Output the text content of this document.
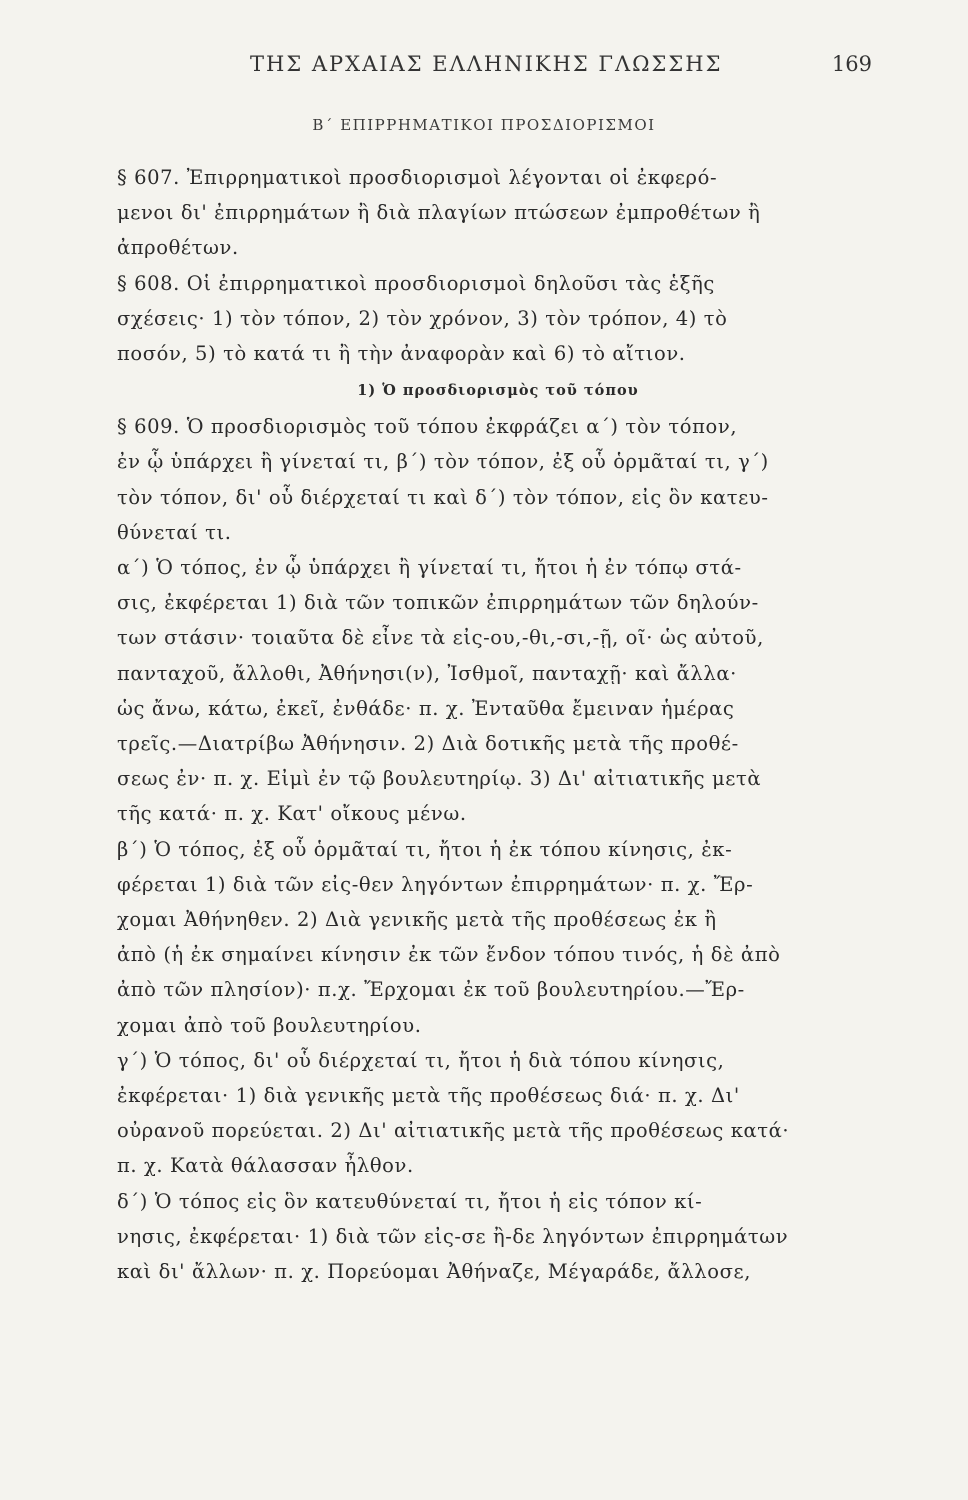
ΤΗΣ ΑΡΧΑΙΑΣ ΕΛΛΗΝΙΚΗΣ ΓΛΩΣΣΗΣ	169
Β΄ ΕΠΙΡΡΗΜΑΤΙΚΟΙ ΠΡΟΣΔΙΟΡΙΣΜΟΙ

§ 607. Ἐπιρρηματικοὶ προσδιορισμοὶ λέγονται οἱ ἐκφερό-
μενοι δι' ἐπιρρημάτων ἢ διὰ πλαγίων πτώσεων ἐμπροθέτων ἢ
ἀπροθέτων.

§ 608. Οἱ ἐπιρρηματικοὶ προσδιορισμοὶ δηλοῦσι τὰς ἑξῆς
σχέσεις· 1) τὸν τόπον, 2) τὸν χρόνον, 3) τὸν τρόπον, 4) τὸ
ποσόν, 5) τὸ κατά τι ἢ τὴν ἀναφορὰν καὶ 6) τὸ αἴτιον.

1) Ὁ προσδιορισμὸς τοῦ τόπου

§ 609. Ὁ προσδιορισμὸς τοῦ τόπου ἐκφράζει α΄) τὸν τόπον,
ἐν ᾧ ὑπάρχει ἢ γίνεταί τι, β΄) τὸν τόπον, ἐξ οὗ ὁρμᾶταί τι, γ΄)
τὸν τόπον, δι' οὗ διέρχεταί τι καὶ δ΄) τὸν τόπον, εἰς ὃν κατευ-
θύνεταί τι.

α΄) Ὁ τόπος, ἐν ᾧ ὑπάρχει ἢ γίνεταί τι, ἤτοι ἡ ἐν τόπῳ στά-
σις, ἐκφέρεται 1) διὰ τῶν τοπικῶν ἐπιρρημάτων τῶν δηλούν-
των στάσιν· τοιαῦτα δὲ εἶνε τὰ εἰς-ου,-θι,-σι,-ῇ, οῖ· ὡς αὐτοῦ,
πανταχοῦ, ἄλλοθι, Ἀθήνησι(ν), Ἰσθμοῖ, πανταχῇ· καὶ ἄλλα·
ὡς ἄνω, κάτω, ἐκεῖ, ἐνθάδε· π. χ. Ἐνταῦθα ἔμειναν ἡμέρας
τρεῖς.—Διατρίβω Ἀθήνησιν. 2) Διὰ δοτικῆς μετὰ τῆς προθέ-
σεως ἐν· π. χ. Εἰμὶ ἐν τῷ βουλευτηρίῳ. 3) Δι' αἰτιατικῆς μετὰ
τῆς κατά· π. χ. Κατ' οἴκους μένω.

β΄) Ὁ τόπος, ἐξ οὗ ὁρμᾶταί τι, ἤτοι ἡ ἐκ τόπου κίνησις, ἐκ-
φέρεται 1) διὰ τῶν εἰς-θεν ληγόντων ἐπιρρημάτων· π. χ. Ἔρ-
χομαι Ἀθήνηθεν. 2) Διὰ γενικῆς μετὰ τῆς προθέσεως ἐκ ἢ
ἀπὸ (ἡ ἐκ σημαίνει κίνησιν ἐκ τῶν ἔνδον τόπου τινός, ἡ δὲ ἀπὸ
ἀπὸ τῶν πλησίον)· π.χ. Ἔρχομαι ἐκ τοῦ βουλευτηρίου.—Ἔρ-
χομαι ἀπὸ τοῦ βουλευτηρίου.

γ΄) Ὁ τόπος, δι' οὗ διέρχεταί τι, ἤτοι ἡ διὰ τόπου κίνησις,
ἐκφέρεται· 1) διὰ γενικῆς μετὰ τῆς προθέσεως διά· π. χ. Δι'
οὐρανοῦ πορεύεται. 2) Δι' αἰτιατικῆς μετὰ τῆς προθέσεως κατά·
π. χ. Κατὰ θάλασσαν ἦλθον.

δ΄) Ὁ τόπος εἰς ὃν κατευθύνεταί τι, ἤτοι ἡ εἰς τόπον κί-
νησις, ἐκφέρεται· 1) διὰ τῶν εἰς-σε ἢ-δε ληγόντων ἐπιρρημάτων
καὶ δι' ἄλλων· π. χ. Πορεύομαι Ἀθήναζε, Μέγαράδε, ἄλλοσε,
